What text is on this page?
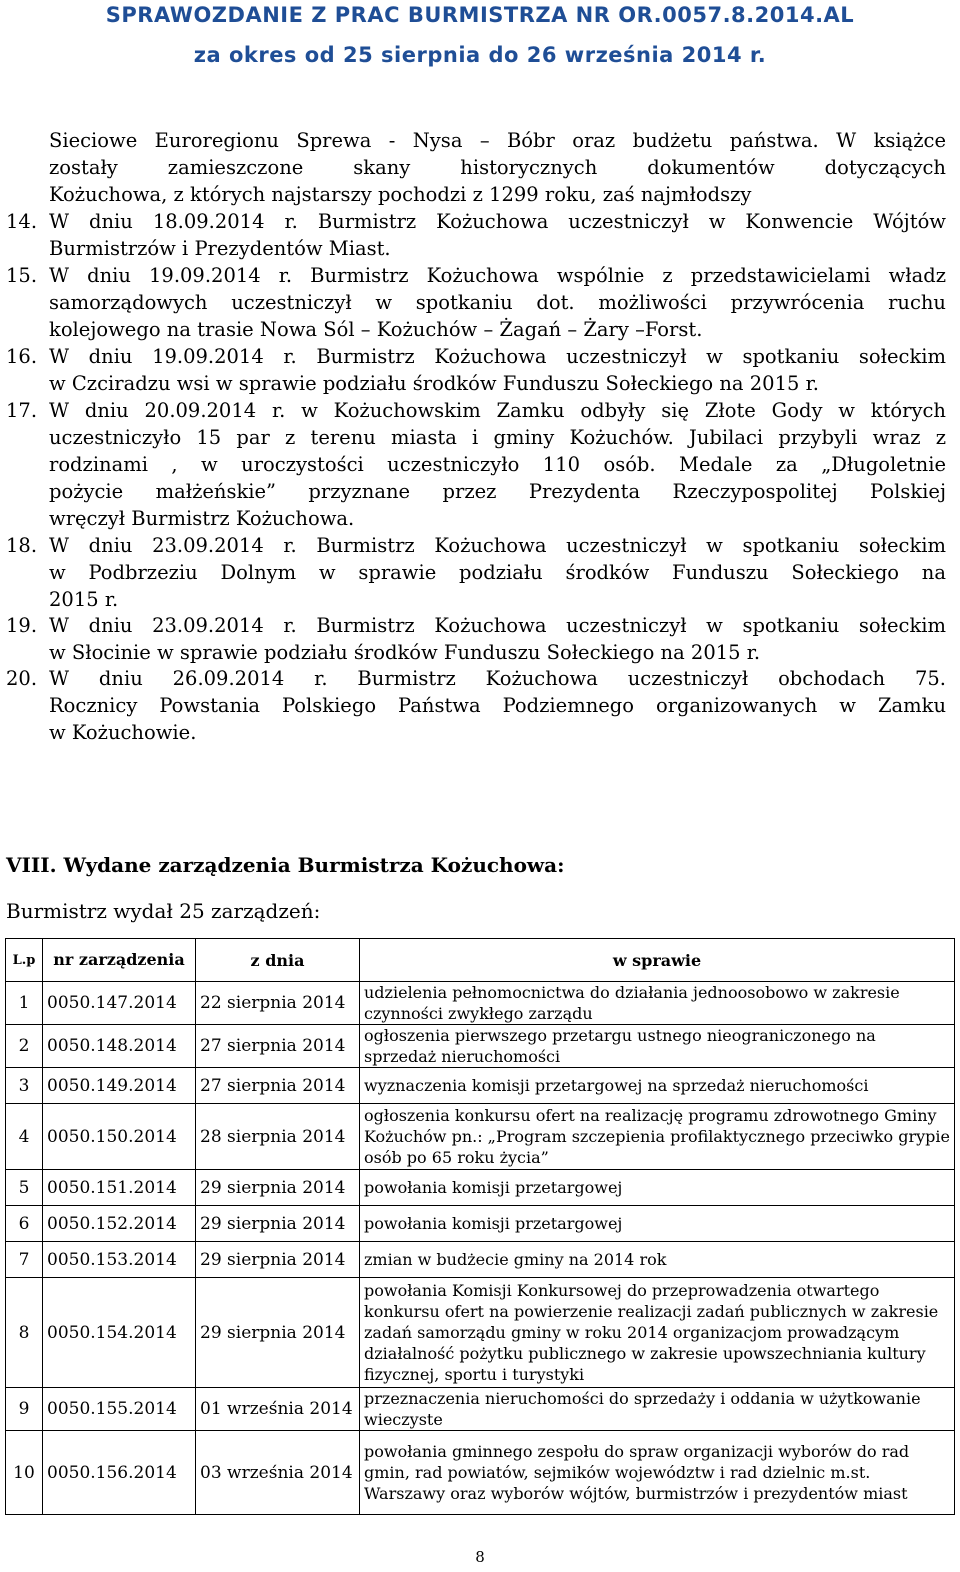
SPRAWOZDANIE Z PRAC BURMISTRZA NR OR.0057.8.2014.AL
za okres od 25 sierpnia do 26 września 2014 r.
Sieciowe Euroregionu Sprewa - Nysa – Bóbr oraz budżetu państwa. W książce
zostały zamieszczone skany historycznych dokumentów dotyczących
Kożuchowa, z których najstarszy pochodzi z 1299 roku, zaś najmłodszy
14. W dniu 18.09.2014 r. Burmistrz Kożuchowa uczestniczył w Konwencie Wójtów
Burmistrzów i Prezydentów Miast.
15. W dniu 19.09.2014 r. Burmistrz Kożuchowa wspólnie z przedstawicielami władz
samorządowych uczestniczył w spotkaniu dot. możliwości przywrócenia ruchu
kolejowego na trasie Nowa Sól – Kożuchów – Żagań – Żary –Forst.
16. W dniu 19.09.2014 r. Burmistrz Kożuchowa uczestniczył w spotkaniu sołeckim
w Czciradzu wsi w sprawie podziału środków Funduszu Sołeckiego na 2015 r.
17. W dniu 20.09.2014 r. w Kożuchowskim Zamku odbyły się Złote Gody w których
uczestniczyło 15 par z terenu miasta i gminy Kożuchów. Jubilaci przybyli wraz z
rodzinami , w uroczystości uczestniczyło 110 osób. Medale za „Długoletnie
pożycie małżeńskie” przyznane przez Prezydenta Rzeczypospolitej Polskiej
wręczył Burmistrz Kożuchowa.
18. W dniu 23.09.2014 r. Burmistrz Kożuchowa uczestniczył w spotkaniu sołeckim
w Podbrzeziu Dolnym w sprawie podziału środków Funduszu Sołeckiego na
2015 r.
19. W dniu 23.09.2014 r. Burmistrz Kożuchowa uczestniczył w spotkaniu sołeckim
w Słocinie w sprawie podziału środków Funduszu Sołeckiego na 2015 r.
20. W dniu 26.09.2014 r. Burmistrz Kożuchowa uczestniczył obchodach 75.
Rocznicy Powstania Polskiego Państwa Podziemnego organizowanych w Zamku
w Kożuchowie.
VIII. Wydane zarządzenia Burmistrza Kożuchowa:
Burmistrz wydał 25 zarządzeń:
L.p	nr zarządzenia	z dnia	w sprawie
1	0050.147.2014	22 sierpnia 2014	udzielenia pełnomocnictwa do działania jednoosobowo w zakresie czynności zwykłego zarządu
2	0050.148.2014	27 sierpnia 2014	ogłoszenia pierwszego przetargu ustnego nieograniczonego na sprzedaż nieruchomości
3	0050.149.2014	27 sierpnia 2014	wyznaczenia komisji przetargowej na sprzedaż nieruchomości
4	0050.150.2014	28 sierpnia 2014	ogłoszenia konkursu ofert na realizację programu zdrowotnego Gminy Kożuchów pn.: „Program szczepienia profilaktycznego przeciwko grypie osób po 65 roku życia”
5	0050.151.2014	29 sierpnia 2014	powołania komisji przetargowej
6	0050.152.2014	29 sierpnia 2014	powołania komisji przetargowej
7	0050.153.2014	29 sierpnia 2014	zmian w budżecie gminy na 2014 rok
8	0050.154.2014	29 sierpnia 2014	powołania Komisji Konkursowej do przeprowadzenia otwartego konkursu ofert na powierzenie realizacji zadań publicznych w zakresie zadań samorządu gminy w roku 2014 organizacjom prowadzącym działalność pożytku publicznego w zakresie upowszechniania kultury fizycznej, sportu i turystyki
9	0050.155.2014	01 września 2014	przeznaczenia nieruchomości do sprzedaży i oddania w użytkowanie wieczyste
10	0050.156.2014	03 września 2014	powołania gminnego zespołu do spraw organizacji wyborów do rad gmin, rad powiatów, sejmików województw i rad dzielnic m.st. Warszawy oraz wyborów wójtów, burmistrzów i prezydentów miast
8
